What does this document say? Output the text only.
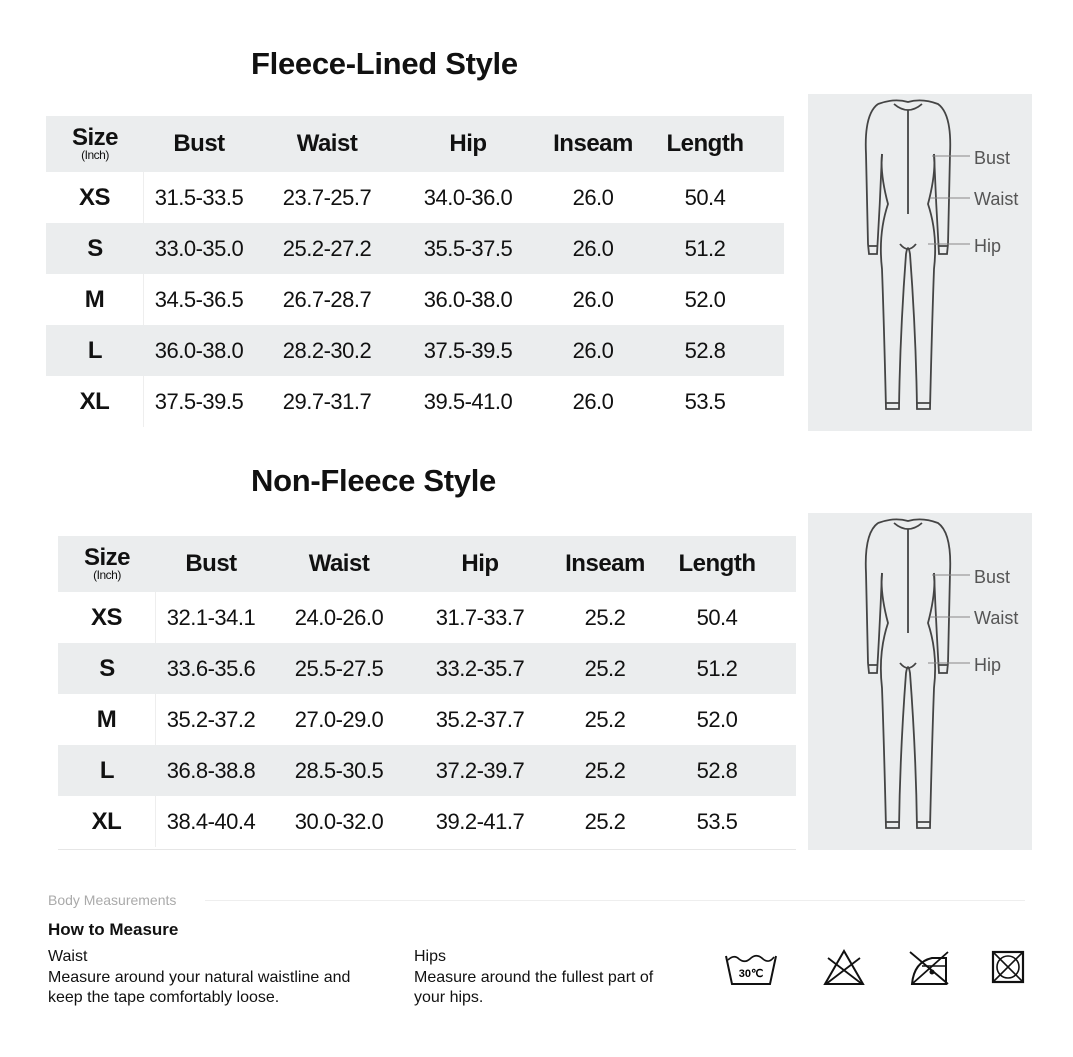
Fleece-Lined Style
Size
(Inch)	Bust	Waist	Hip	Inseam	Length
XS	31.5-33.5	23.7-25.7	34.0-36.0	26.0	50.4
S	33.0-35.0	25.2-27.2	35.5-37.5	26.0	51.2
M	34.5-36.5	26.7-28.7	36.0-38.0	26.0	52.0
L	36.0-38.0	28.2-30.2	37.5-39.5	26.0	52.8
XL	37.5-39.5	29.7-31.7	39.5-41.0	26.0	53.5
Non-Fleece Style
Size
(Inch)	Bust	Waist	Hip	Inseam	Length
XS	32.1-34.1	24.0-26.0	31.7-33.7	25.2	50.4
S	33.6-35.6	25.5-27.5	33.2-35.7	25.2	51.2
M	35.2-37.2	27.0-29.0	35.2-37.7	25.2	52.0
L	36.8-38.8	28.5-30.5	37.2-39.7	25.2	52.8
XL	38.4-40.4	30.0-32.0	39.2-41.7	25.2	53.5
Bust
Waist
Hip
Bust
Waist
Hip
Body Measurements
How to Measure
Waist
Measure around your natural waistline and keep the tape comfortably loose.
Hips
Measure around the fullest part of your hips.
30℃
